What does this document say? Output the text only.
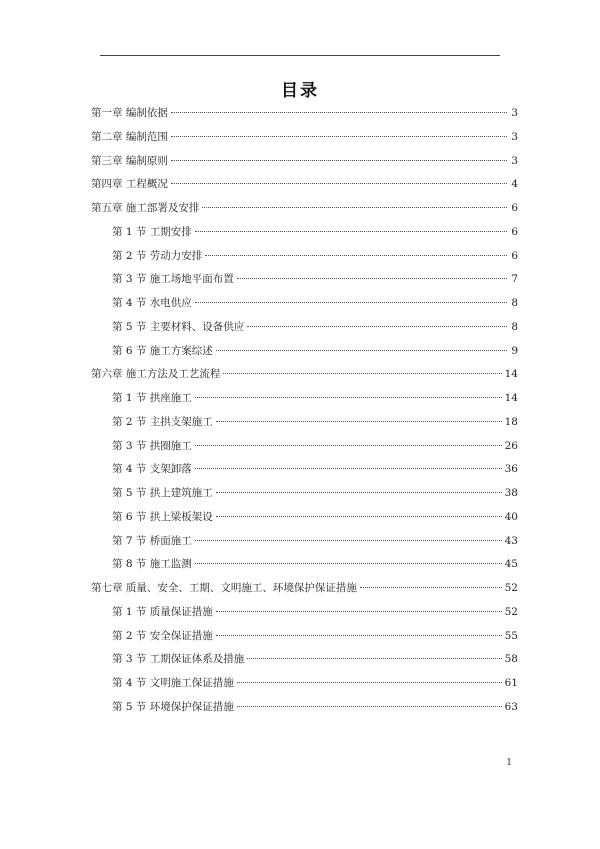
目录
第一章 编制依据	3
第二章 编制范围	3
第三章 编制原则	3
第四章 工程概况	4
第五章 施工部署及安排	6
第 1 节 工期安排	6
第 2 节 劳动力安排	6
第 3 节 施工场地平面布置	7
第 4 节 水电供应	8
第 5 节 主要材料、设备供应	8
第 6 节 施工方案综述	9
第六章 施工方法及工艺流程	14
第 1 节 拱座施工	14
第 2 节 主拱支架施工	18
第 3 节 拱圈施工	26
第 4 节 支架卸落	36
第 5 节 拱上建筑施工	38
第 6 节 拱上梁板架设	40
第 7 节 桥面施工	43
第 8 节 施工监测	45
第七章 质量、安全、工期、文明施工、环境保护保证措施	52
第 1 节 质量保证措施	52
第 2 节 安全保证措施	55
第 3 节 工期保证体系及措施	58
第 4 节 文明施工保证措施	61
第 5 节 环境保护保证措施	63
1
